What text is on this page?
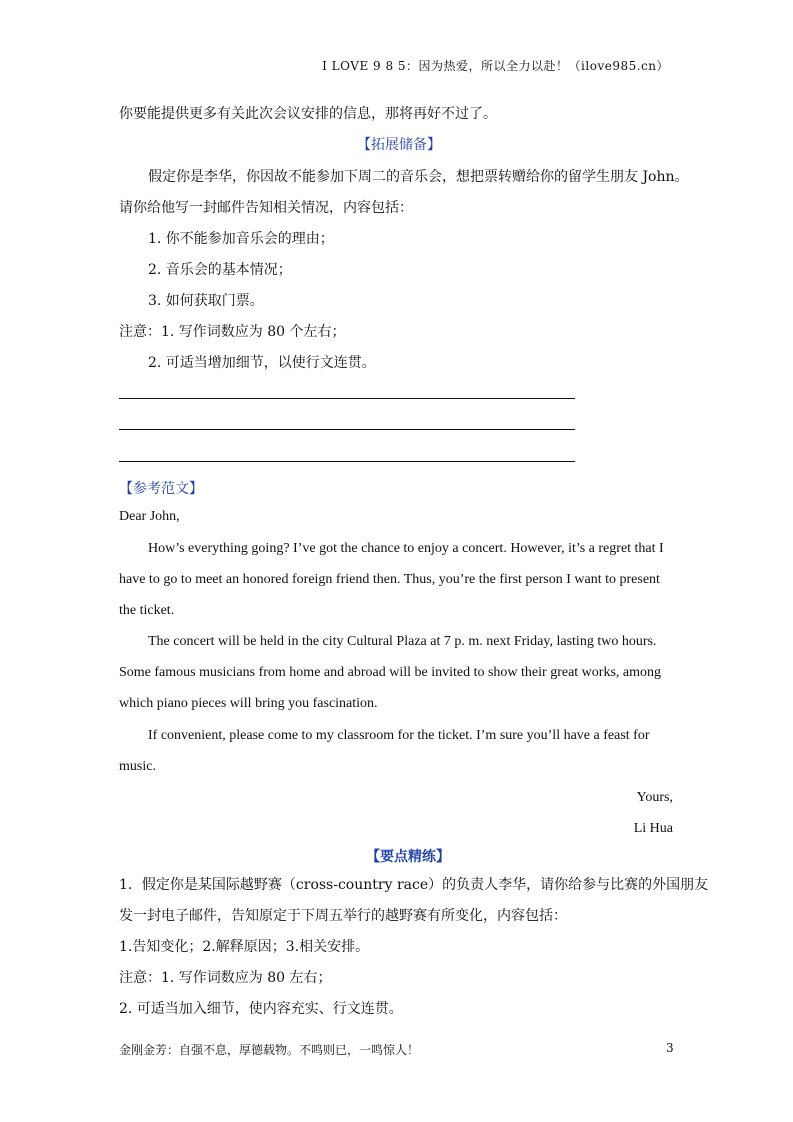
I LOVE 9 8 5：因为热爱，所以全力以赴！（ilove985.cn）
你要能提供更多有关此次会议安排的信息，那将再好不过了。
【拓展储备】
假定你是李华，你因故不能参加下周二的音乐会，想把票转赠给你的留学生朋友 John。
请你给他写一封邮件告知相关情况，内容包括：
1. 你不能参加音乐会的理由；
2. 音乐会的基本情况；
3. 如何获取门票。
注意：1. 写作词数应为 80 个左右；
2. 可适当增加细节，以使行文连贯。
【参考范文】
Dear John,
How’s everything going? I’ve got the chance to enjoy a concert. However, it’s a regret that I
have to go to meet an honored foreign friend then. Thus, you’re the first person I want to present
the ticket.
The concert will be held in the city Cultural Plaza at 7 p. m. next Friday, lasting two hours.
Some famous musicians from home and abroad will be invited to show their great works, among
which piano pieces will bring you fascination.
If convenient, please come to my classroom for the ticket. I’m sure you’ll have a feast for
music.
Yours,
Li Hua
【要点精练】
1．假定你是某国际越野赛（cross-country race）的负责人李华，请你给参与比赛的外国朋友
发一封电子邮件，告知原定于下周五举行的越野赛有所变化，内容包括：
1.告知变化；2.解释原因；3.相关安排。
注意：1. 写作词数应为 80 左右；
2. 可适当加入细节，使内容充实、行文连贯。
金刚金芳：自强不息，厚德载物。不鸣则已，一鸣惊人！	3
